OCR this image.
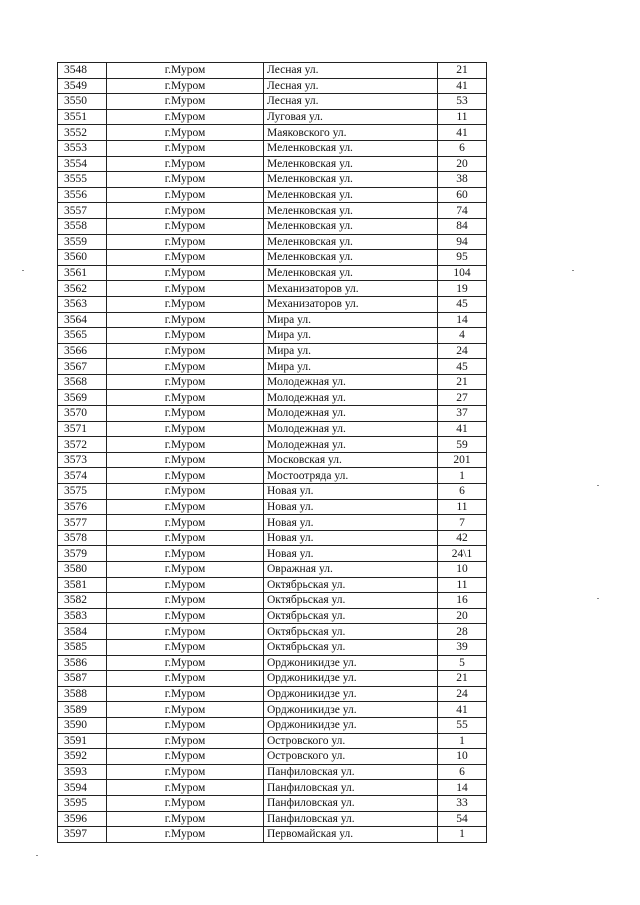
3548	г.Муром	Лесная ул.	21
3549	г.Муром	Лесная ул.	41
3550	г.Муром	Лесная ул.	53
3551	г.Муром	Луговая ул.	11
3552	г.Муром	Маяковского ул.	41
3553	г.Муром	Меленковская ул.	6
3554	г.Муром	Меленковская ул.	20
3555	г.Муром	Меленковская ул.	38
3556	г.Муром	Меленковская ул.	60
3557	г.Муром	Меленковская ул.	74
3558	г.Муром	Меленковская ул.	84
3559	г.Муром	Меленковская ул.	94
3560	г.Муром	Меленковская ул.	95
3561	г.Муром	Меленковская ул.	104
3562	г.Муром	Механизаторов ул.	19
3563	г.Муром	Механизаторов ул.	45
3564	г.Муром	Мира ул.	14
3565	г.Муром	Мира ул.	4
3566	г.Муром	Мира ул.	24
3567	г.Муром	Мира ул.	45
3568	г.Муром	Молодежная ул.	21
3569	г.Муром	Молодежная ул.	27
3570	г.Муром	Молодежная ул.	37
3571	г.Муром	Молодежная ул.	41
3572	г.Муром	Молодежная ул.	59
3573	г.Муром	Московская ул.	201
3574	г.Муром	Мостоотряда ул.	1
3575	г.Муром	Новая ул.	6
3576	г.Муром	Новая ул.	11
3577	г.Муром	Новая ул.	7
3578	г.Муром	Новая ул.	42
3579	г.Муром	Новая ул.	24\1
3580	г.Муром	Овражная ул.	10
3581	г.Муром	Октябрьская ул.	11
3582	г.Муром	Октябрьская ул.	16
3583	г.Муром	Октябрьская ул.	20
3584	г.Муром	Октябрьская ул.	28
3585	г.Муром	Октябрьская ул.	39
3586	г.Муром	Орджоникидзе ул.	5
3587	г.Муром	Орджоникидзе ул.	21
3588	г.Муром	Орджоникидзе ул.	24
3589	г.Муром	Орджоникидзе ул.	41
3590	г.Муром	Орджоникидзе ул.	55
3591	г.Муром	Островского ул.	1
3592	г.Муром	Островского ул.	10
3593	г.Муром	Панфиловская ул.	6
3594	г.Муром	Панфиловская ул.	14
3595	г.Муром	Панфиловская ул.	33
3596	г.Муром	Панфиловская ул.	54
3597	г.Муром	Первомайская ул.	1
